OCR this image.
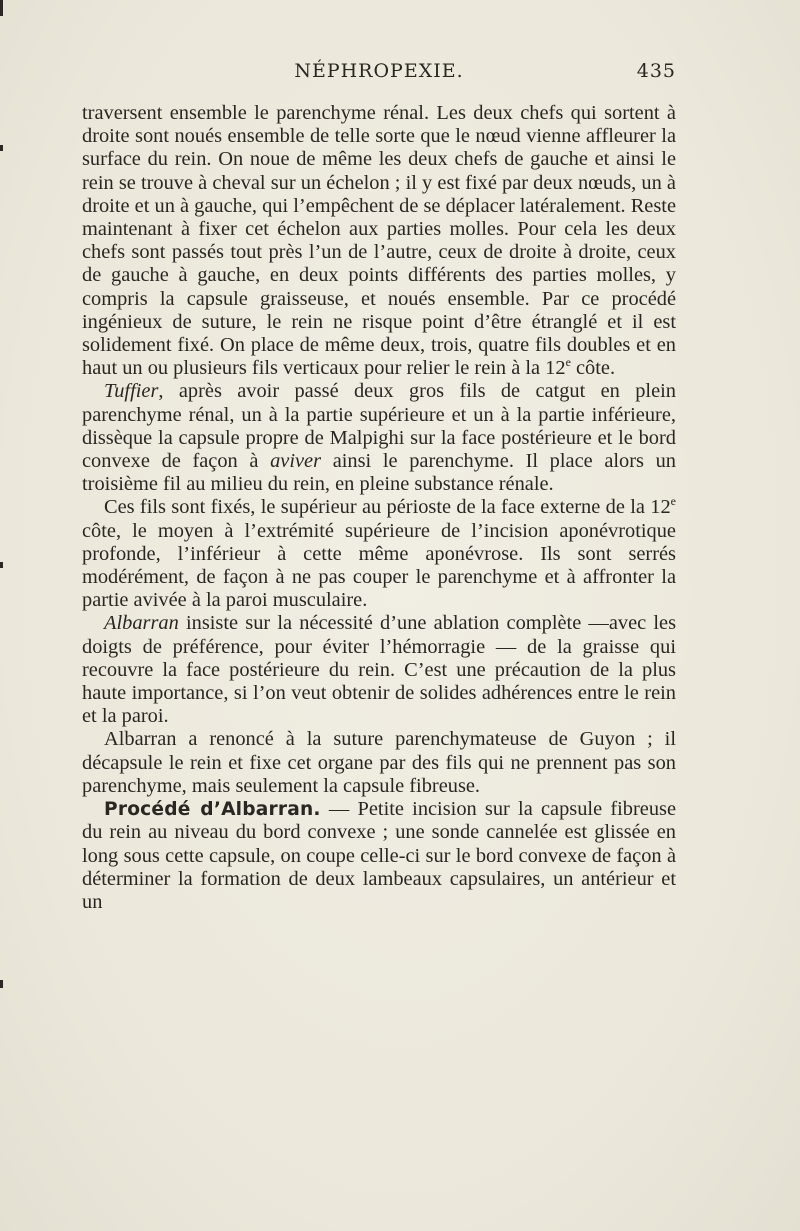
NÉPHROPEXIE.	435

traversent ensemble le parenchyme rénal. Les deux chefs qui sortent à droite sont noués ensemble de telle sorte que le nœud vienne affleurer la surface du rein. On noue de même les deux chefs de gauche et ainsi le rein se trouve à cheval sur un échelon ; il y est fixé par deux nœuds, un à droite et un à gauche, qui l’empêchent de se déplacer latéralement. Reste maintenant à fixer cet échelon aux parties molles. Pour cela les deux chefs sont passés tout près l’un de l’autre, ceux de droite à droite, ceux de gauche à gauche, en deux points différents des parties molles, y compris la capsule graisseuse, et noués ensemble. Par ce procédé ingénieux de suture, le rein ne risque point d’être étranglé et il est solidement fixé. On place de même deux, trois, quatre fils doubles et en haut un ou plusieurs fils verticaux pour relier le rein à la 12e côte.

Tuffier, après avoir passé deux gros fils de catgut en plein parenchyme rénal, un à la partie supérieure et un à la partie inférieure, dissèque la capsule propre de Malpighi sur la face postérieure et le bord convexe de façon à aviver ainsi le parenchyme. Il place alors un troisième fil au milieu du rein, en pleine substance rénale.

Ces fils sont fixés, le supérieur au périoste de la face externe de la 12e côte, le moyen à l’extrémité supérieure de l’incision aponévrotique profonde, l’inférieur à cette même aponévrose. Ils sont serrés modérément, de façon à ne pas couper le parenchyme et à affronter la partie avivée à la paroi musculaire.

Albarran insiste sur la nécessité d’une ablation complète —avec les doigts de préférence, pour éviter l’hémorragie — de la graisse qui recouvre la face postérieure du rein. C’est une précaution de la plus haute importance, si l’on veut obtenir de solides adhérences entre le rein et la paroi.

Albarran a renoncé à la suture parenchymateuse de Guyon ; il décapsule le rein et fixe cet organe par des fils qui ne prennent pas son parenchyme, mais seulement la capsule fibreuse.

Procédé d’Albarran. — Petite incision sur la capsule fibreuse du rein au niveau du bord convexe ; une sonde cannelée est glissée en long sous cette capsule, on coupe celle-ci sur le bord convexe de façon à déterminer la formation de deux lambeaux capsulaires, un antérieur et un
